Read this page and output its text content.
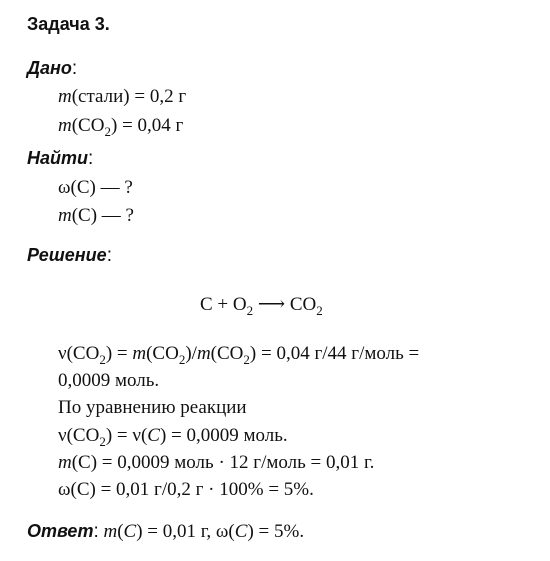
Задача 3.
Дано:
m(стали) = 0,2 г
$m(CO_2) = 0,04$ г
Найти:
ω(C) — ?
m(C) — ?
Решение:
$C + O_2$ ⟶ $CO_2$
$\nu(CO_2) = m(CO_2)/m(CO_2) = 0,04$ г/44 г/моль =
0,0009 моль.
По уравнению реакции
$\nu(CO_2) = \nu(C) = 0,0009$ моль.
m(C) = 0,0009 моль · 12 г/моль = 0,01 г.
ω(C) = 0,01 г/0,2 г · 100% = 5%.
Ответ: m(C) = 0,01 г, ω(C) = 5%.
